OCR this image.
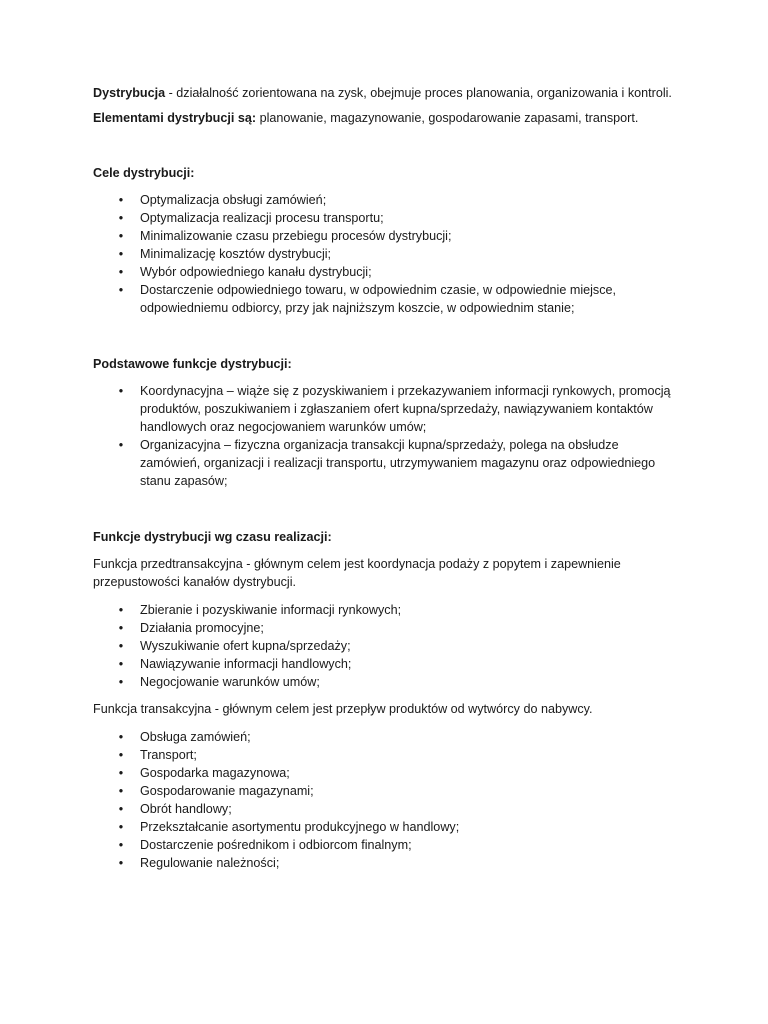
Dystrybucja - działalność zorientowana na zysk, obejmuje proces planowania, organizowania i kontroli.

Elementami dystrybucji są: planowanie, magazynowanie, gospodarowanie zapasami, transport.

Cele dystrybucji:

• Optymalizacja obsługi zamówień;
• Optymalizacja realizacji procesu transportu;
• Minimalizowanie czasu przebiegu procesów dystrybucji;
• Minimalizację kosztów dystrybucji;
• Wybór odpowiedniego kanału dystrybucji;
• Dostarczenie odpowiedniego towaru, w odpowiednim czasie, w odpowiednie miejsce, odpowiedniemu odbiorcy, przy jak najniższym koszcie, w odpowiednim stanie;

Podstawowe funkcje dystrybucji:

• Koordynacyjna – wiąże się z pozyskiwaniem i przekazywaniem informacji rynkowych, promocją produktów, poszukiwaniem i zgłaszaniem ofert kupna/sprzedaży, nawiązywaniem kontaktów handlowych oraz negocjowaniem warunków umów;
• Organizacyjna – fizyczna organizacja transakcji kupna/sprzedaży, polega na obsłudze zamówień, organizacji i realizacji transportu, utrzymywaniem magazynu oraz odpowiedniego stanu zapasów;

Funkcje dystrybucji wg czasu realizacji:

Funkcja przedtransakcyjna - głównym celem jest koordynacja podaży z popytem i zapewnienie przepustowości kanałów dystrybucji.

• Zbieranie i pozyskiwanie informacji rynkowych;
• Działania promocyjne;
• Wyszukiwanie ofert kupna/sprzedaży;
• Nawiązywanie informacji handlowych;
• Negocjowanie warunków umów;

Funkcja transakcyjna - głównym celem jest przepływ produktów od wytwórcy do nabywcy.

• Obsługa zamówień;
• Transport;
• Gospodarka magazynowa;
• Gospodarowanie magazynami;
• Obrót handlowy;
• Przekształcanie asortymentu produkcyjnego w handlowy;
• Dostarczenie pośrednikom i odbiorcom finalnym;
• Regulowanie należności;
